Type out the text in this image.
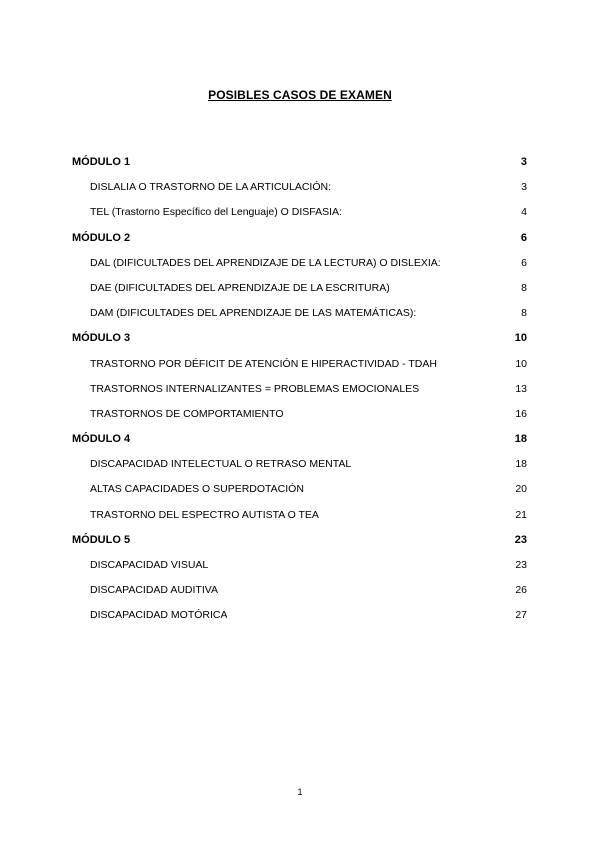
POSIBLES CASOS DE EXAMEN
MÓDULO 1	3
DISLALIA O TRASTORNO DE LA ARTICULACIÓN:	3
TEL (Trastorno Específico del Lenguaje) O DISFASIA:	4
MÓDULO 2	6
DAL (DIFICULTADES DEL APRENDIZAJE DE LA LECTURA) O DISLEXIA:	6
DAE (DIFICULTADES DEL APRENDIZAJE DE LA ESCRITURA)	8
DAM (DIFICULTADES DEL APRENDIZAJE DE LAS MATEMÁTICAS):	8
MÓDULO 3	10
TRASTORNO POR DÉFICIT DE ATENCIÓN E HIPERACTIVIDAD - TDAH	10
TRASTORNOS INTERNALIZANTES = PROBLEMAS EMOCIONALES	13
TRASTORNOS DE COMPORTAMIENTO	16
MÓDULO 4	18
DISCAPACIDAD INTELECTUAL O RETRASO MENTAL	18
ALTAS CAPACIDADES O SUPERDOTACIÓN	20
TRASTORNO DEL ESPECTRO AUTISTA O TEA	21
MÓDULO 5	23
DISCAPACIDAD VISUAL	23
DISCAPACIDAD AUDITIVA	26
DISCAPACIDAD MOTÓRICA	27
1
